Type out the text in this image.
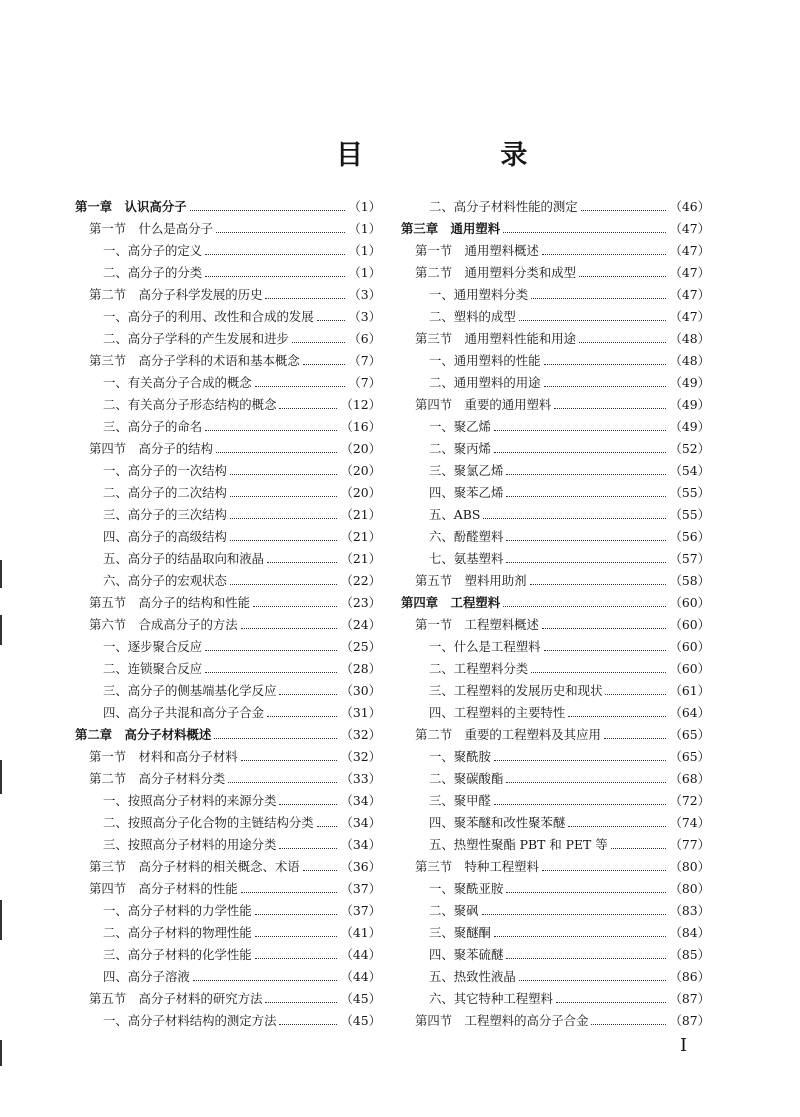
目 录
第一章　认识高分子	（1）
第一节　什么是高分子	（1）
一、高分子的定义	（1）
二、高分子的分类	（1）
第二节　高分子科学发展的历史	（3）
一、高分子的利用、改性和合成的发展	（3）
二、高分子学科的产生发展和进步	（6）
第三节　高分子学科的术语和基本概念	（7）
一、有关高分子合成的概念	（7）
二、有关高分子形态结构的概念	（12）
三、高分子的命名	（16）
第四节　高分子的结构	（20）
一、高分子的一次结构	（20）
二、高分子的二次结构	（20）
三、高分子的三次结构	（21）
四、高分子的高级结构	（21）
五、高分子的结晶取向和液晶	（21）
六、高分子的宏观状态	（22）
第五节　高分子的结构和性能	（23）
第六节　合成高分子的方法	（24）
一、逐步聚合反应	（25）
二、连锁聚合反应	（28）
三、高分子的侧基端基化学反应	（30）
四、高分子共混和高分子合金	（31）
第二章　高分子材料概述	（32）
第一节　材料和高分子材料	（32）
第二节　高分子材料分类	（33）
一、按照高分子材料的来源分类	（34）
二、按照高分子化合物的主链结构分类 （34）
三、按照高分子材料的用途分类	（34）
第三节　高分子材料的相关概念、术语	（36）
第四节　高分子材料的性能	（37）
一、高分子材料的力学性能	（37）
二、高分子材料的物理性能	（41）
三、高分子材料的化学性能	（44）
四、高分子溶液	（44）
第五节　高分子材料的研究方法	（45）
一、高分子材料结构的测定方法	（45）
二、高分子材料性能的测定	（46）
第三章　通用塑料	（47）
第一节　通用塑料概述	（47）
第二节　通用塑料分类和成型	（47）
一、通用塑料分类	（47）
二、塑料的成型	（47）
第三节　通用塑料性能和用途	（48）
一、通用塑料的性能	（48）
二、通用塑料的用途	（49）
第四节　重要的通用塑料	（49）
一、聚乙烯	（49）
二、聚丙烯	（52）
三、聚氯乙烯	（54）
四、聚苯乙烯	（55）
五、ABS	（55）
六、酚醛塑料	（56）
七、氨基塑料	（57）
第五节　塑料用助剂	（58）
第四章　工程塑料	（60）
第一节　工程塑料概述	（60）
一、什么是工程塑料	（60）
二、工程塑料分类	（60）
三、工程塑料的发展历史和现状	（61）
四、工程塑料的主要特性	（64）
第二节　重要的工程塑料及其应用	（65）
一、聚酰胺	（65）
二、聚碳酸酯	（68）
三、聚甲醛	（72）
四、聚苯醚和改性聚苯醚	（74）
五、热塑性聚酯 PBT 和 PET 等	（77）
第三节　特种工程塑料	（80）
一、聚酰亚胺	（80）
二、聚砜	（83）
三、聚醚酮	（84）
四、聚苯硫醚	（85）
五、热致性液晶	（86）
六、其它特种工程塑料	（87）
第四节　工程塑料的高分子合金	（87）
I
